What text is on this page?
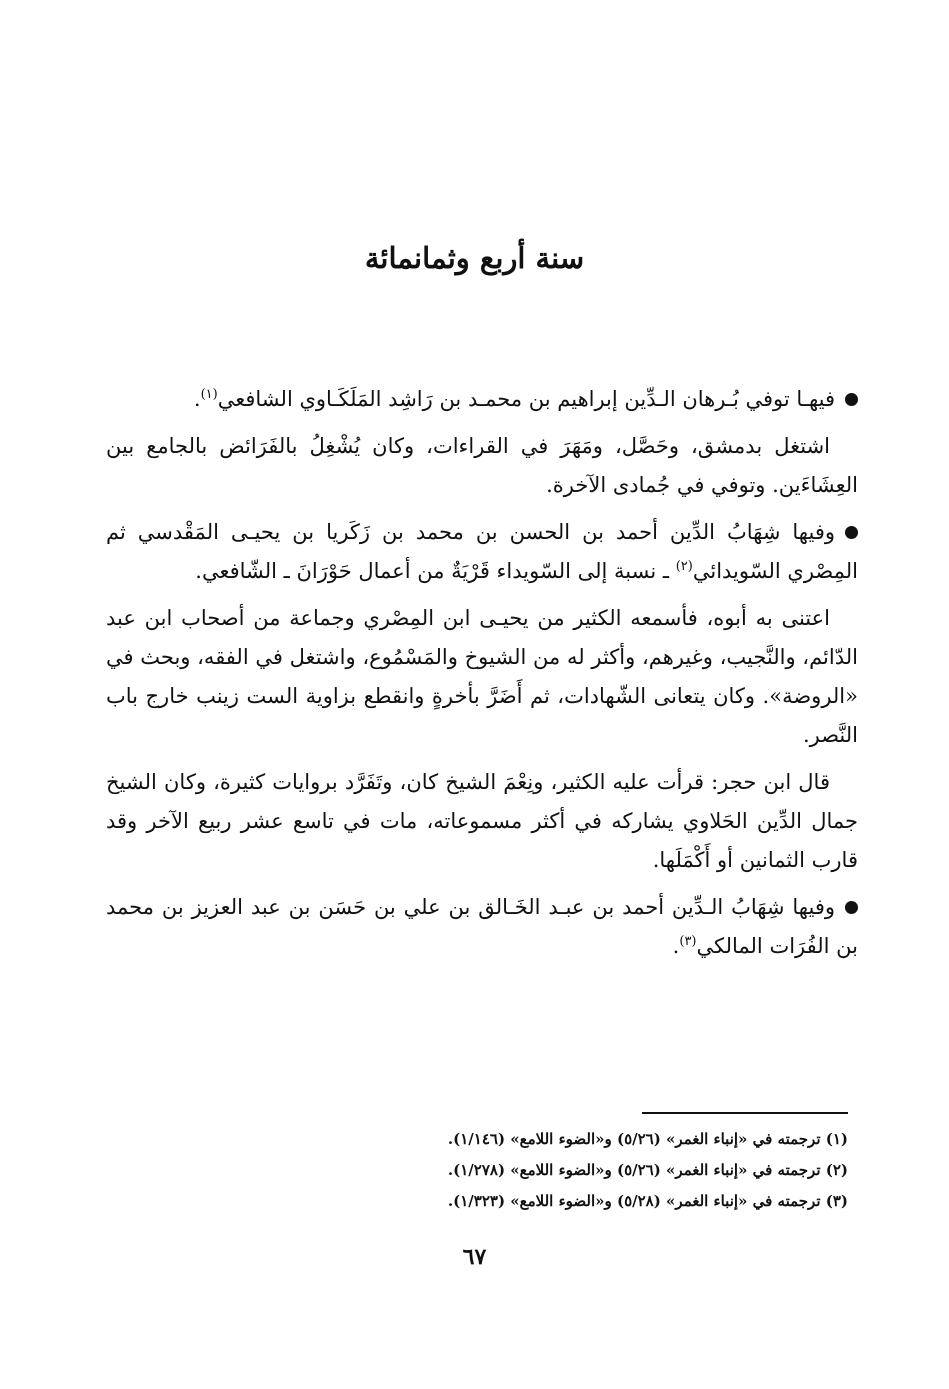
سنة أربع وثمانمائة

فيهـا توفي بُـرهان الـدِّين إبراهيم بن محمـد بن رَاشِد المَلَكَـاوي الشافعي$^{(١)}$.

اشتغل بدمشق، وحَصَّل، ومَهَرَ في القراءات، وكان يُشْغِلُ بالفَرَائض بالجامع بين العِشَاءَين. وتوفي في جُمادى الآخرة.

وفيها شِهَابُ الدِّين أحمد بن الحسن بن محمد بن زَكَريا بن يحيـى المَقْدسي ثم المِصْري السّويدائي$^{(٢)}$ ـ نسبة إلى السّويداء قَرْيَةٌ من أعمال حَوْرَانَ ـ الشّافعي.

اعتنى به أبوه، فأسمعه الكثير من يحيـى ابن المِصْري وجماعة من أصحاب ابن عبد الدّائم، والنَّجيب، وغيرهم، وأكثر له من الشيوخ والمَسْمُوع، واشتغل في الفقه، وبحث في «الروضة». وكان يتعانى الشّهادات، ثم أَضَرَّ بأخرةٍ وانقطع بزاوية الست زينب خارج باب النَّصر.

قال ابن حجر: قرأت عليه الكثير، ونِعْمَ الشيخ كان، وتَفَرَّد بروايات كثيرة، وكان الشيخ جمال الدِّين الحَلاوي يشاركه في أكثر مسموعاته، مات في تاسع عشر ربيع الآخر وقد قارب الثمانين أو أَكْمَلَها.

وفيها شِهَابُ الـدِّين أحمد بن عبـد الخَـالق بن علي بن حَسَن بن عبد العزيز بن محمد بن الفُرَات المالكي$^{(٣)}$.

(١) ترجمته في «إنباء الغمر» (٥/٢٦) و«الضوء اللامع» (١/١٤٦).
(٢) ترجمته في «إنباء الغمر» (٥/٢٦) و«الضوء اللامع» (١/٢٧٨).
(٣) ترجمته في «إنباء الغمر» (٥/٢٨) و«الضوء اللامع» (١/٣٢٣).
٦٧
